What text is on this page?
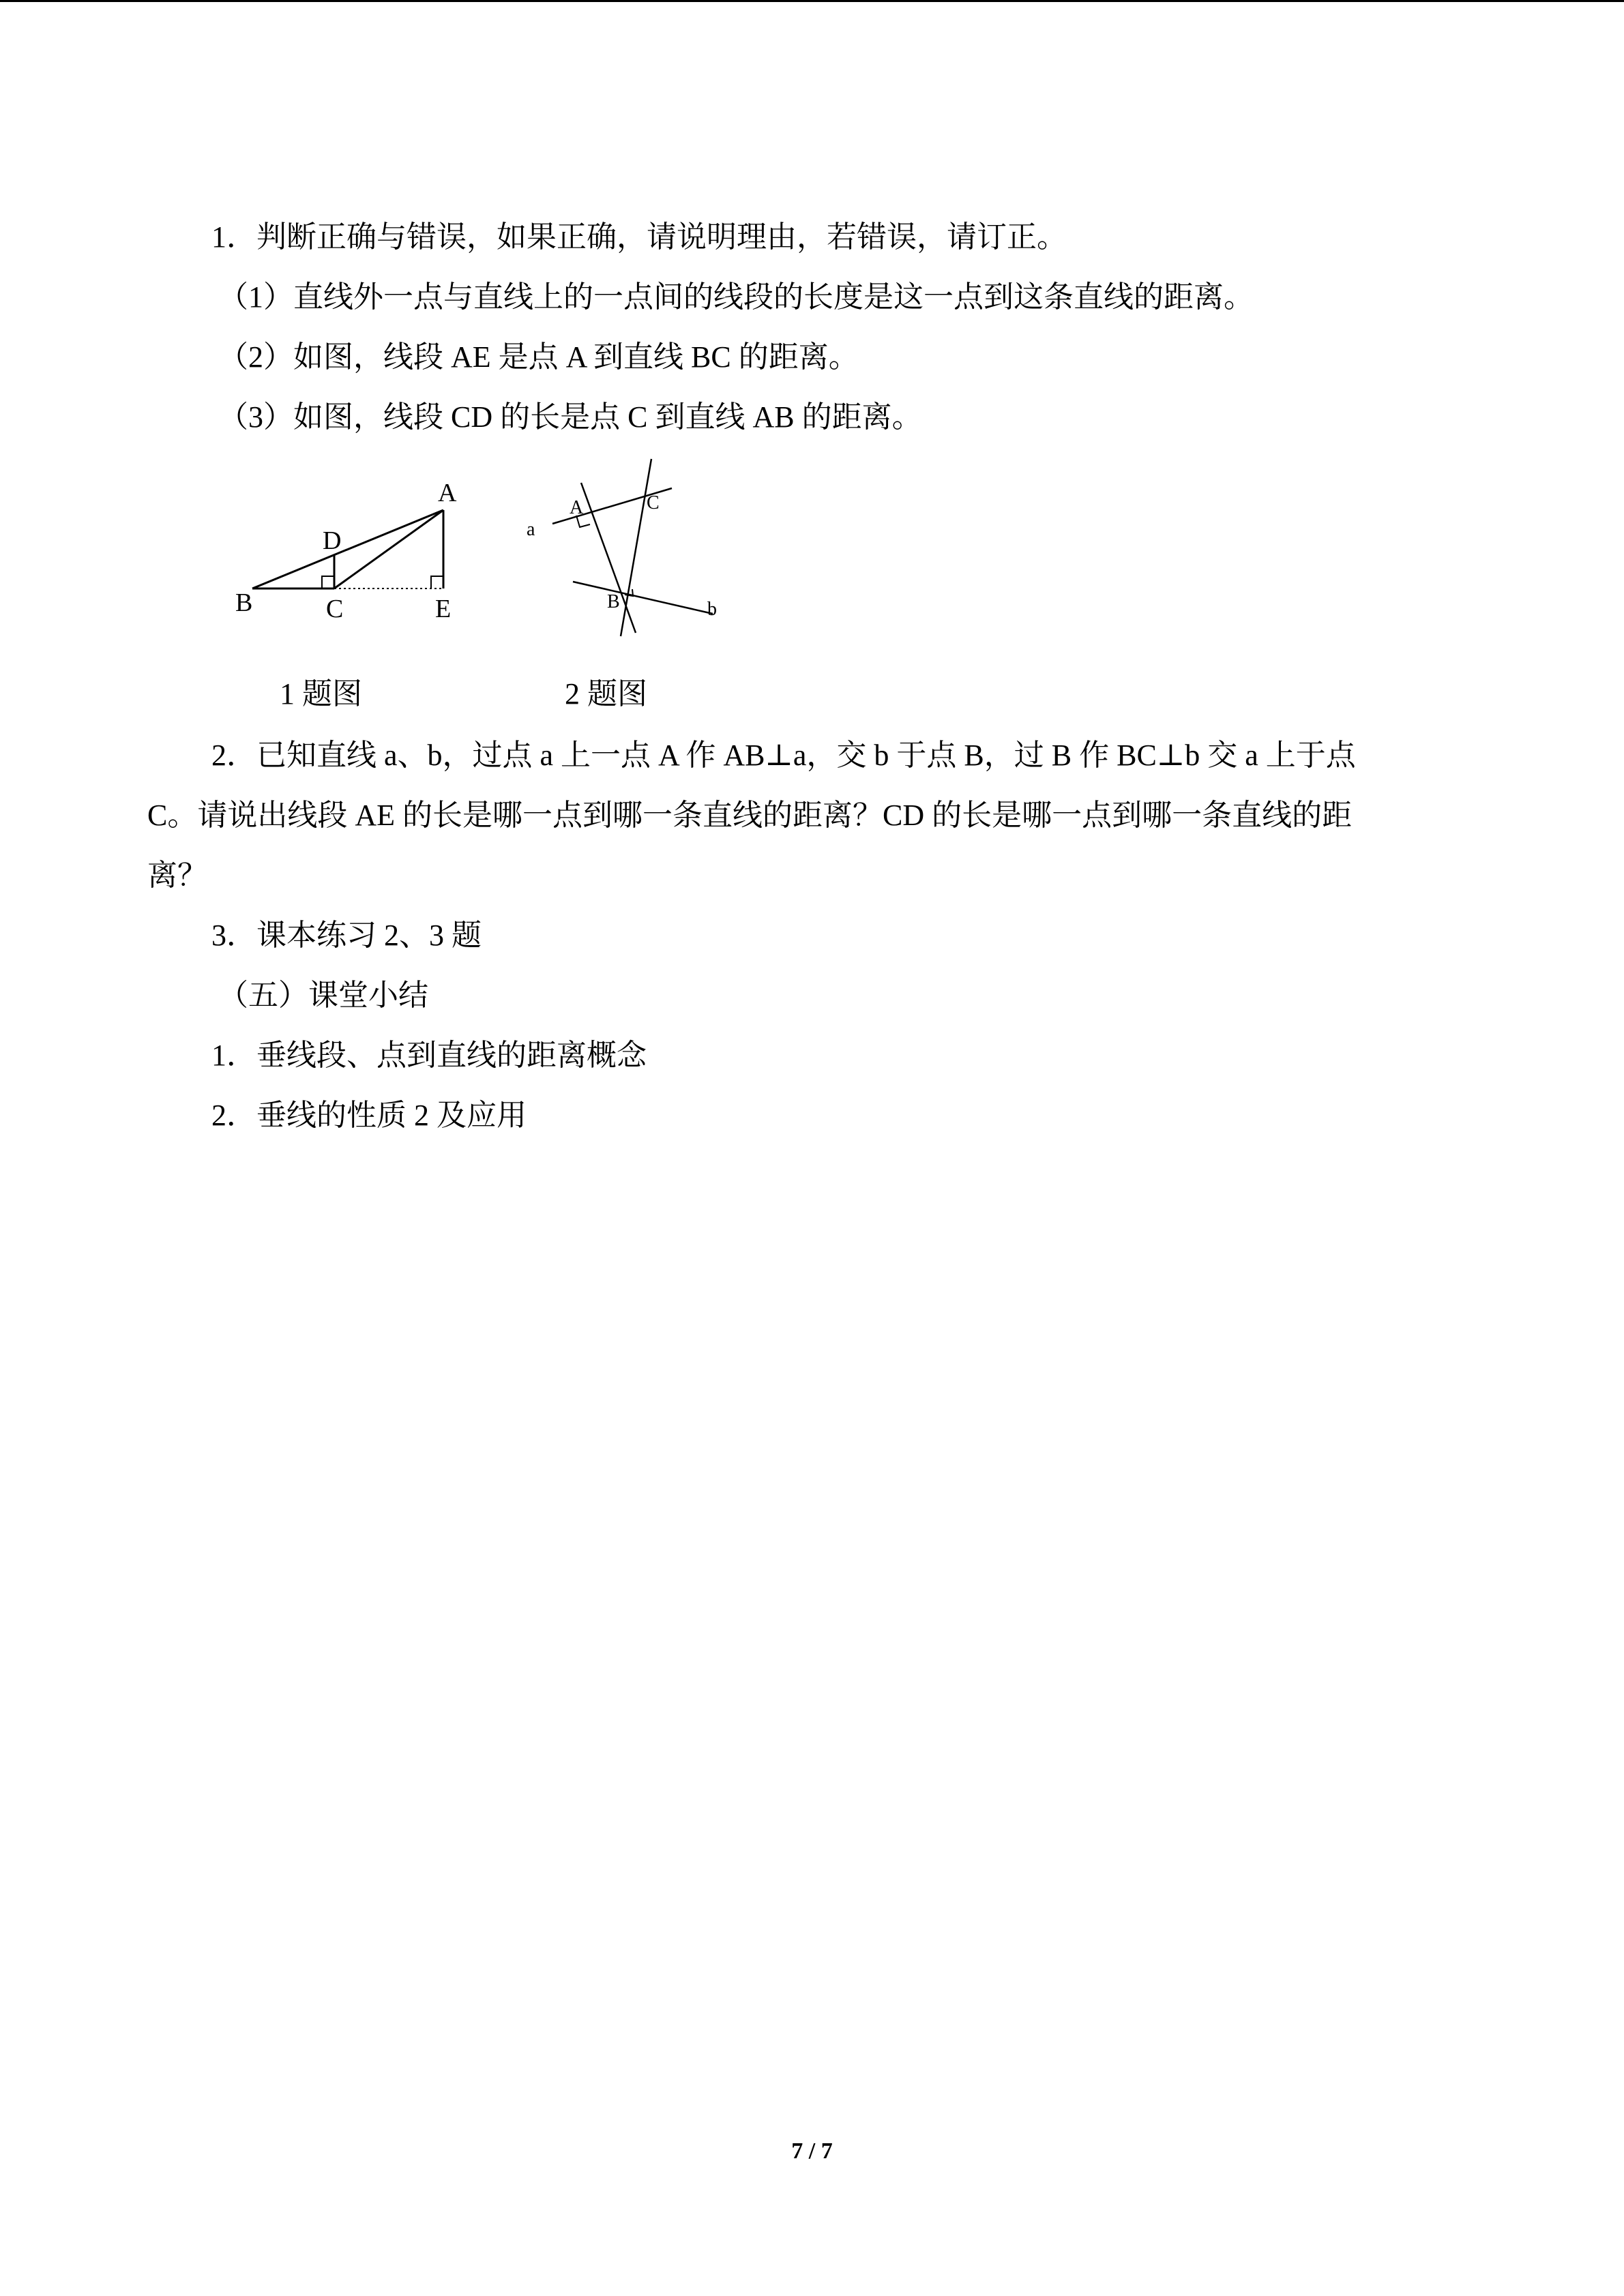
1．判断正确与错误，如果正确，请说明理由，若错误，请订正。
（1）直线外一点与直线上的一点间的线段的长度是这一点到这条直线的距离。
（2）如图，线段 AE 是点 A 到直线 BC 的距离。
（3）如图，线段 CD 的长是点 C 到直线 AB 的距离。
A
D
B	C	E
a
A	C
B	b
1 题图	2 题图
2．已知直线 a、b，过点 a 上一点 A 作 AB⊥a，交 b 于点 B，过 B 作 BC⊥b 交 a 上于点
C。请说出线段 AE 的长是哪一点到哪一条直线的距离？CD 的长是哪一点到哪一条直线的距
离？
3．课本练习 2、3 题
（五）课堂小结
1．垂线段、点到直线的距离概念
2．垂线的性质 2 及应用
7 / 7
